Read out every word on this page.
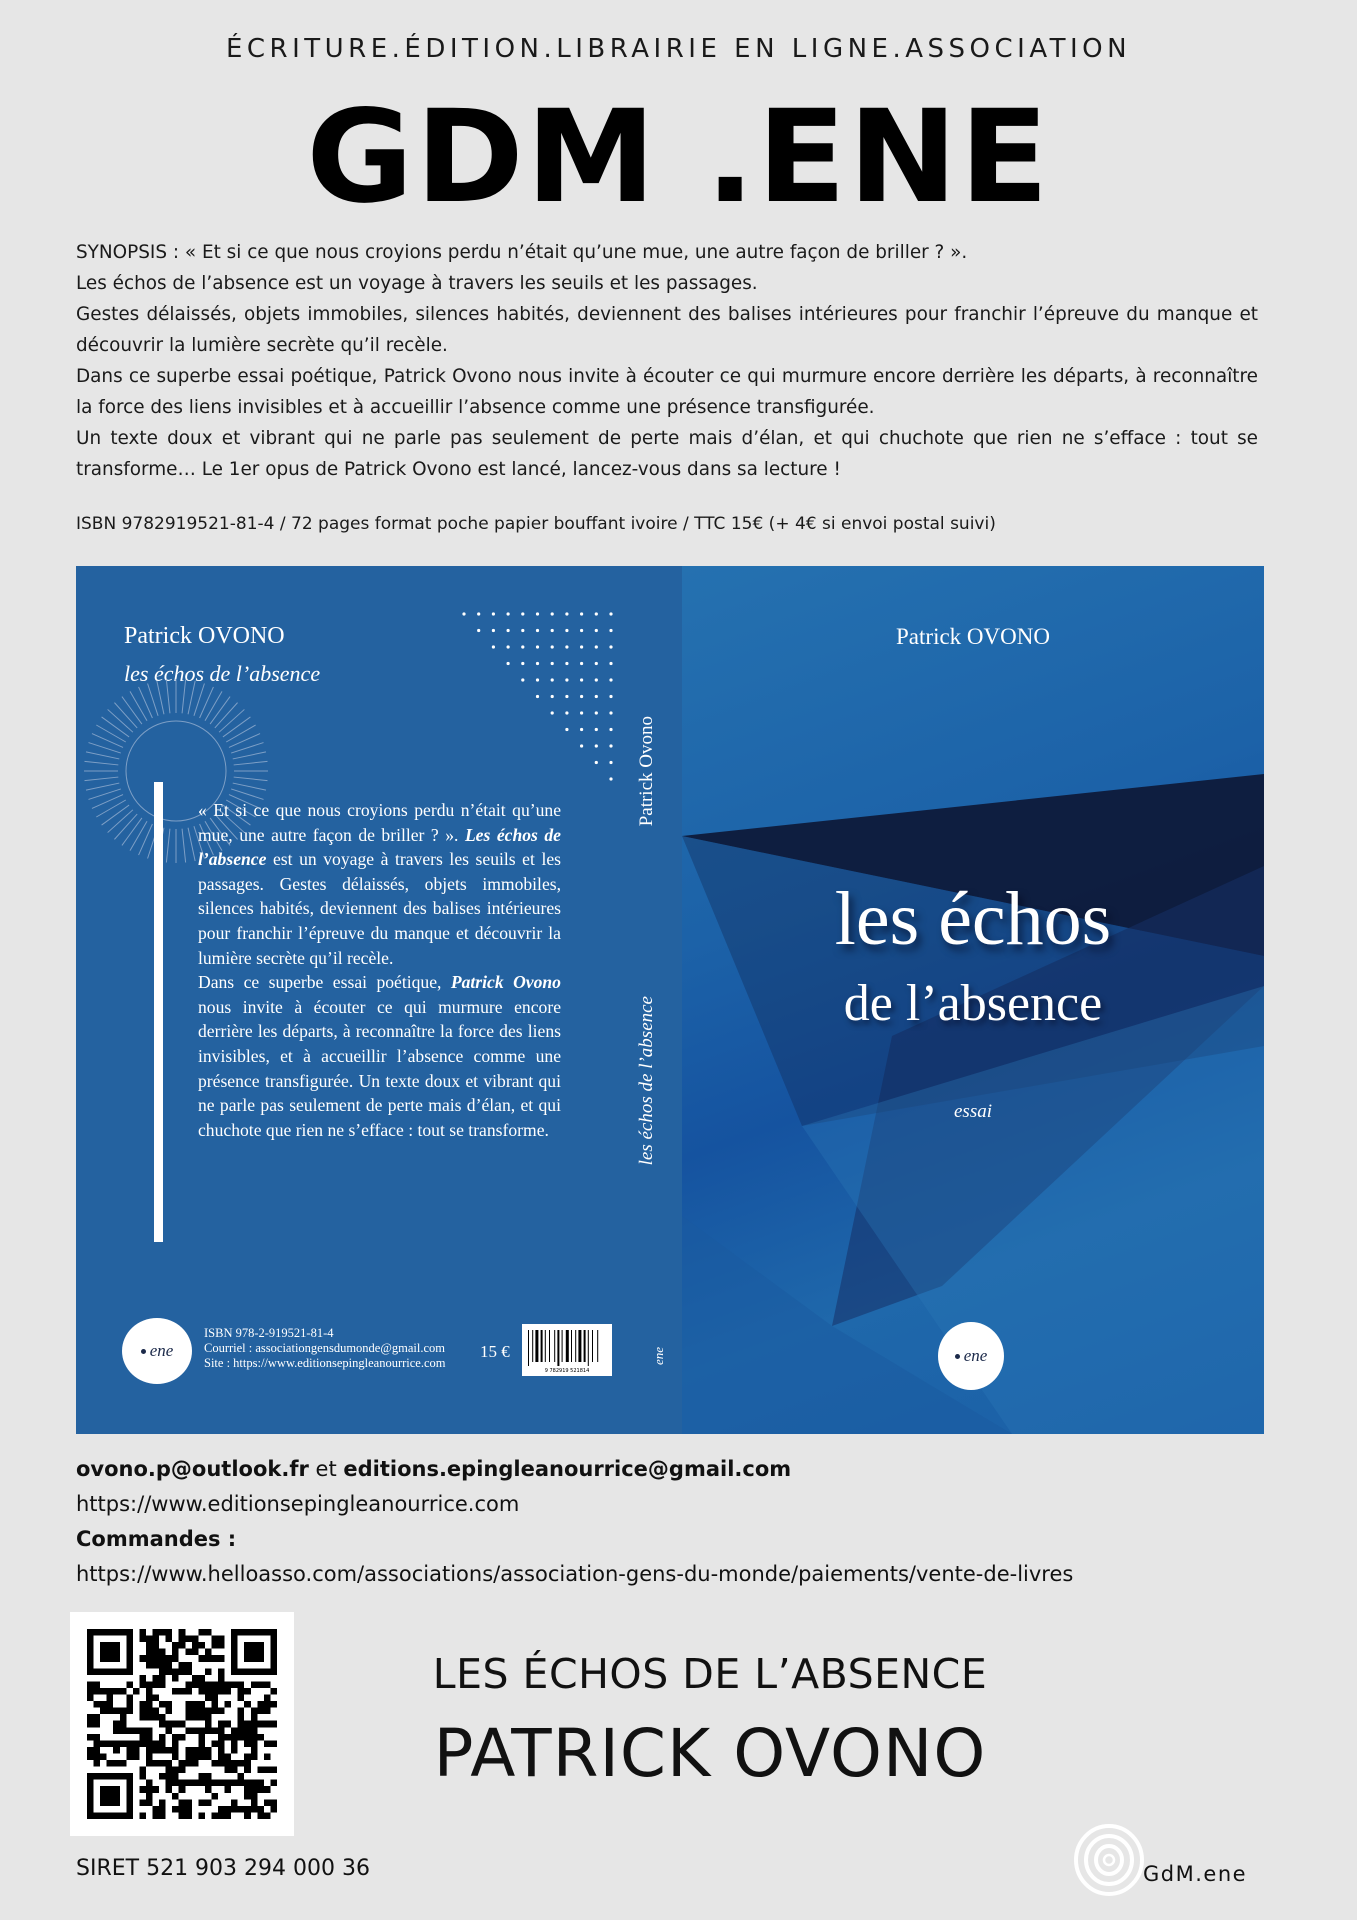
ÉCRITURE.ÉDITION.LIBRAIRIE EN LIGNE.ASSOCIATION
GDM .ENE

SYNOPSIS : « Et si ce que nous croyions perdu n’était qu’une mue, une autre façon de briller ? ».

Les échos de l’absence est un voyage à travers les seuils et les passages.

Gestes délaissés, objets immobiles, silences habités, deviennent des balises intérieures pour franchir l’épreuve du manque et découvrir la lumière secrète qu’il recèle.

Dans ce superbe essai poétique, Patrick Ovono nous invite à écouter ce qui murmure encore derrière les départs, à reconnaître la force des liens invisibles et à accueillir l’absence comme une présence transfigurée.

Un texte doux et vibrant qui ne parle pas seulement de perte mais d’élan, et qui chuchote que rien ne s’efface : tout se transforme… Le 1er opus de Patrick Ovono est lancé, lancez-vous dans sa lecture !

ISBN 9782919521-81-4 / 72 pages format poche papier bouffant ivoire / TTC 15€ (+ 4€ si envoi postal suivi)
Patrick OVONO
les échos de l’absence
« Et si ce que nous croyions perdu n’était qu’une mue, une autre façon de briller ? ». Les échos de l’absence est un voyage à travers les seuils et les passages. Gestes délaissés, objets immobiles, silences habités, deviennent des balises intérieures pour franchir l’épreuve du manque et découvrir la lumière secrète qu’il recèle.
Dans ce superbe essai poétique, Patrick Ovono nous invite à écouter ce qui murmure encore derrière les départs, à reconnaître la force des liens invisibles, et à accueillir l’absence comme une présence transfigurée. Un texte doux et vibrant qui ne parle pas seulement de perte mais d’élan, et qui chuchote que rien ne s’efface : tout se transforme.
ene
ISBN 978-2-919521-81-4
Courriel : associationgensdumonde@gmail.com
Site : https://www.editionsepingleanourrice.com
15 €
9 782919 521814
Patrick Ovono
les échos de l’absence
ene
Patrick OVONO
les échos
de l’absence
essai
ene
ovono.p@outlook.fr et editions.epingleanourrice@gmail.com
https://www.editionsepingleanourrice.com
Commandes :
https://www.helloasso.com/associations/association-gens-du-monde/paiements/vente-de-livres
LES ÉCHOS DE L’ABSENCE
PATRICK OVONO
SIRET 521 903 294 000 36	GdM.ene
